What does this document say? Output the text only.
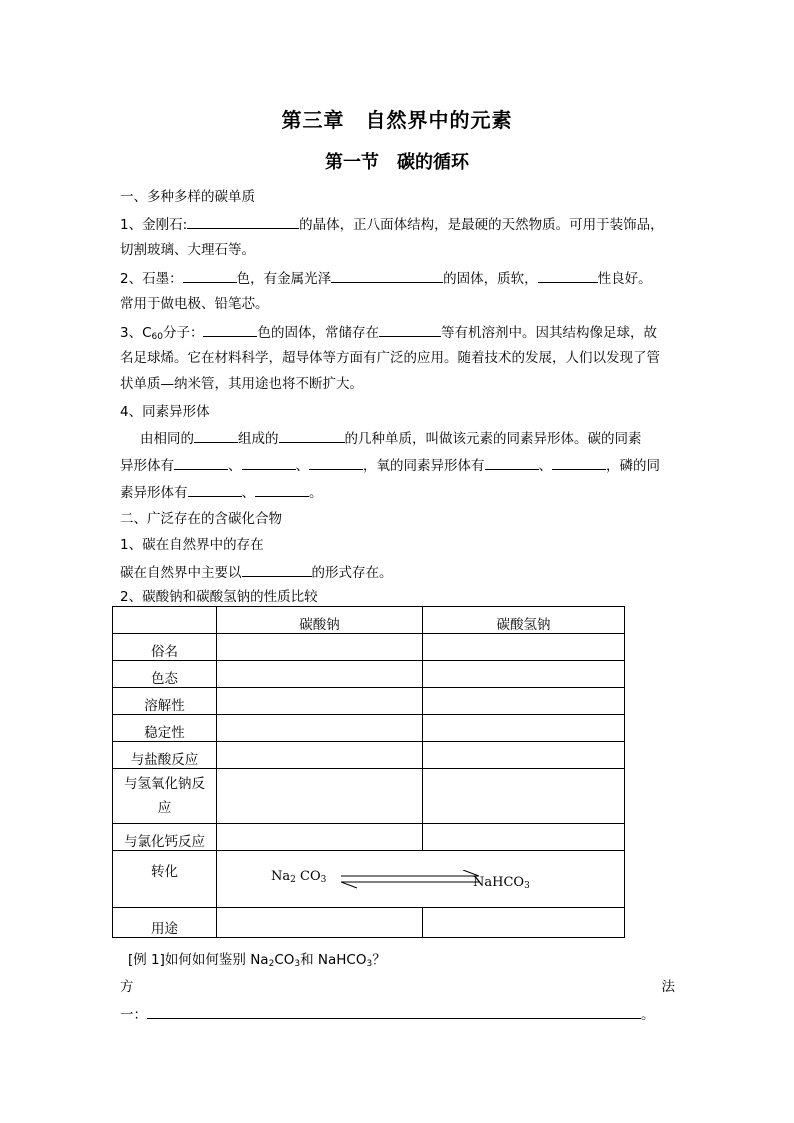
第三章　自然界中的元素
第一节　碳的循环
一、多种多样的碳单质
1、金刚石:	的晶体，正八面体结构，是最硬的天然物质。可用于装饰品，
切割玻璃、大理石等。
2、石墨：	色，有金属光泽	的固体，质软，	性良好。
常用于做电极、铅笔芯。
3、$C_{60}$分子：	色的固体，常储存在	等有机溶剂中。因其结构像足球，故
名足球烯。它在材料科学，超导体等方面有广泛的应用。随着技术的发展，人们以发现了管
状单质—纳米管，其用途也将不断扩大。
4、同素异形体
由相同的	组成的	的几种单质，叫做该元素的同素异形体。碳的同素
异形体有	、	、	，氧的同素异形体有	、	，磷的同
素异形体有	、	。
二、广泛存在的含碳化合物
1、碳在自然界中的存在
碳在自然界中主要以	的形式存在。
2、碳酸钠和碳酸氢钠的性质比较
	碳酸钠	碳酸氢钠
俗名		
色态		
溶解性		
稳定性		
与盐酸反应		
与氢氧化钠反应		
与氯化钙反应		
转化	$Na_2$ $CO_3$ NaHCO$_3$

用途		
[例 1]如何如何鉴别 $Na_2CO_3$和 NaHCO$_3$？
方	法
一：	。
